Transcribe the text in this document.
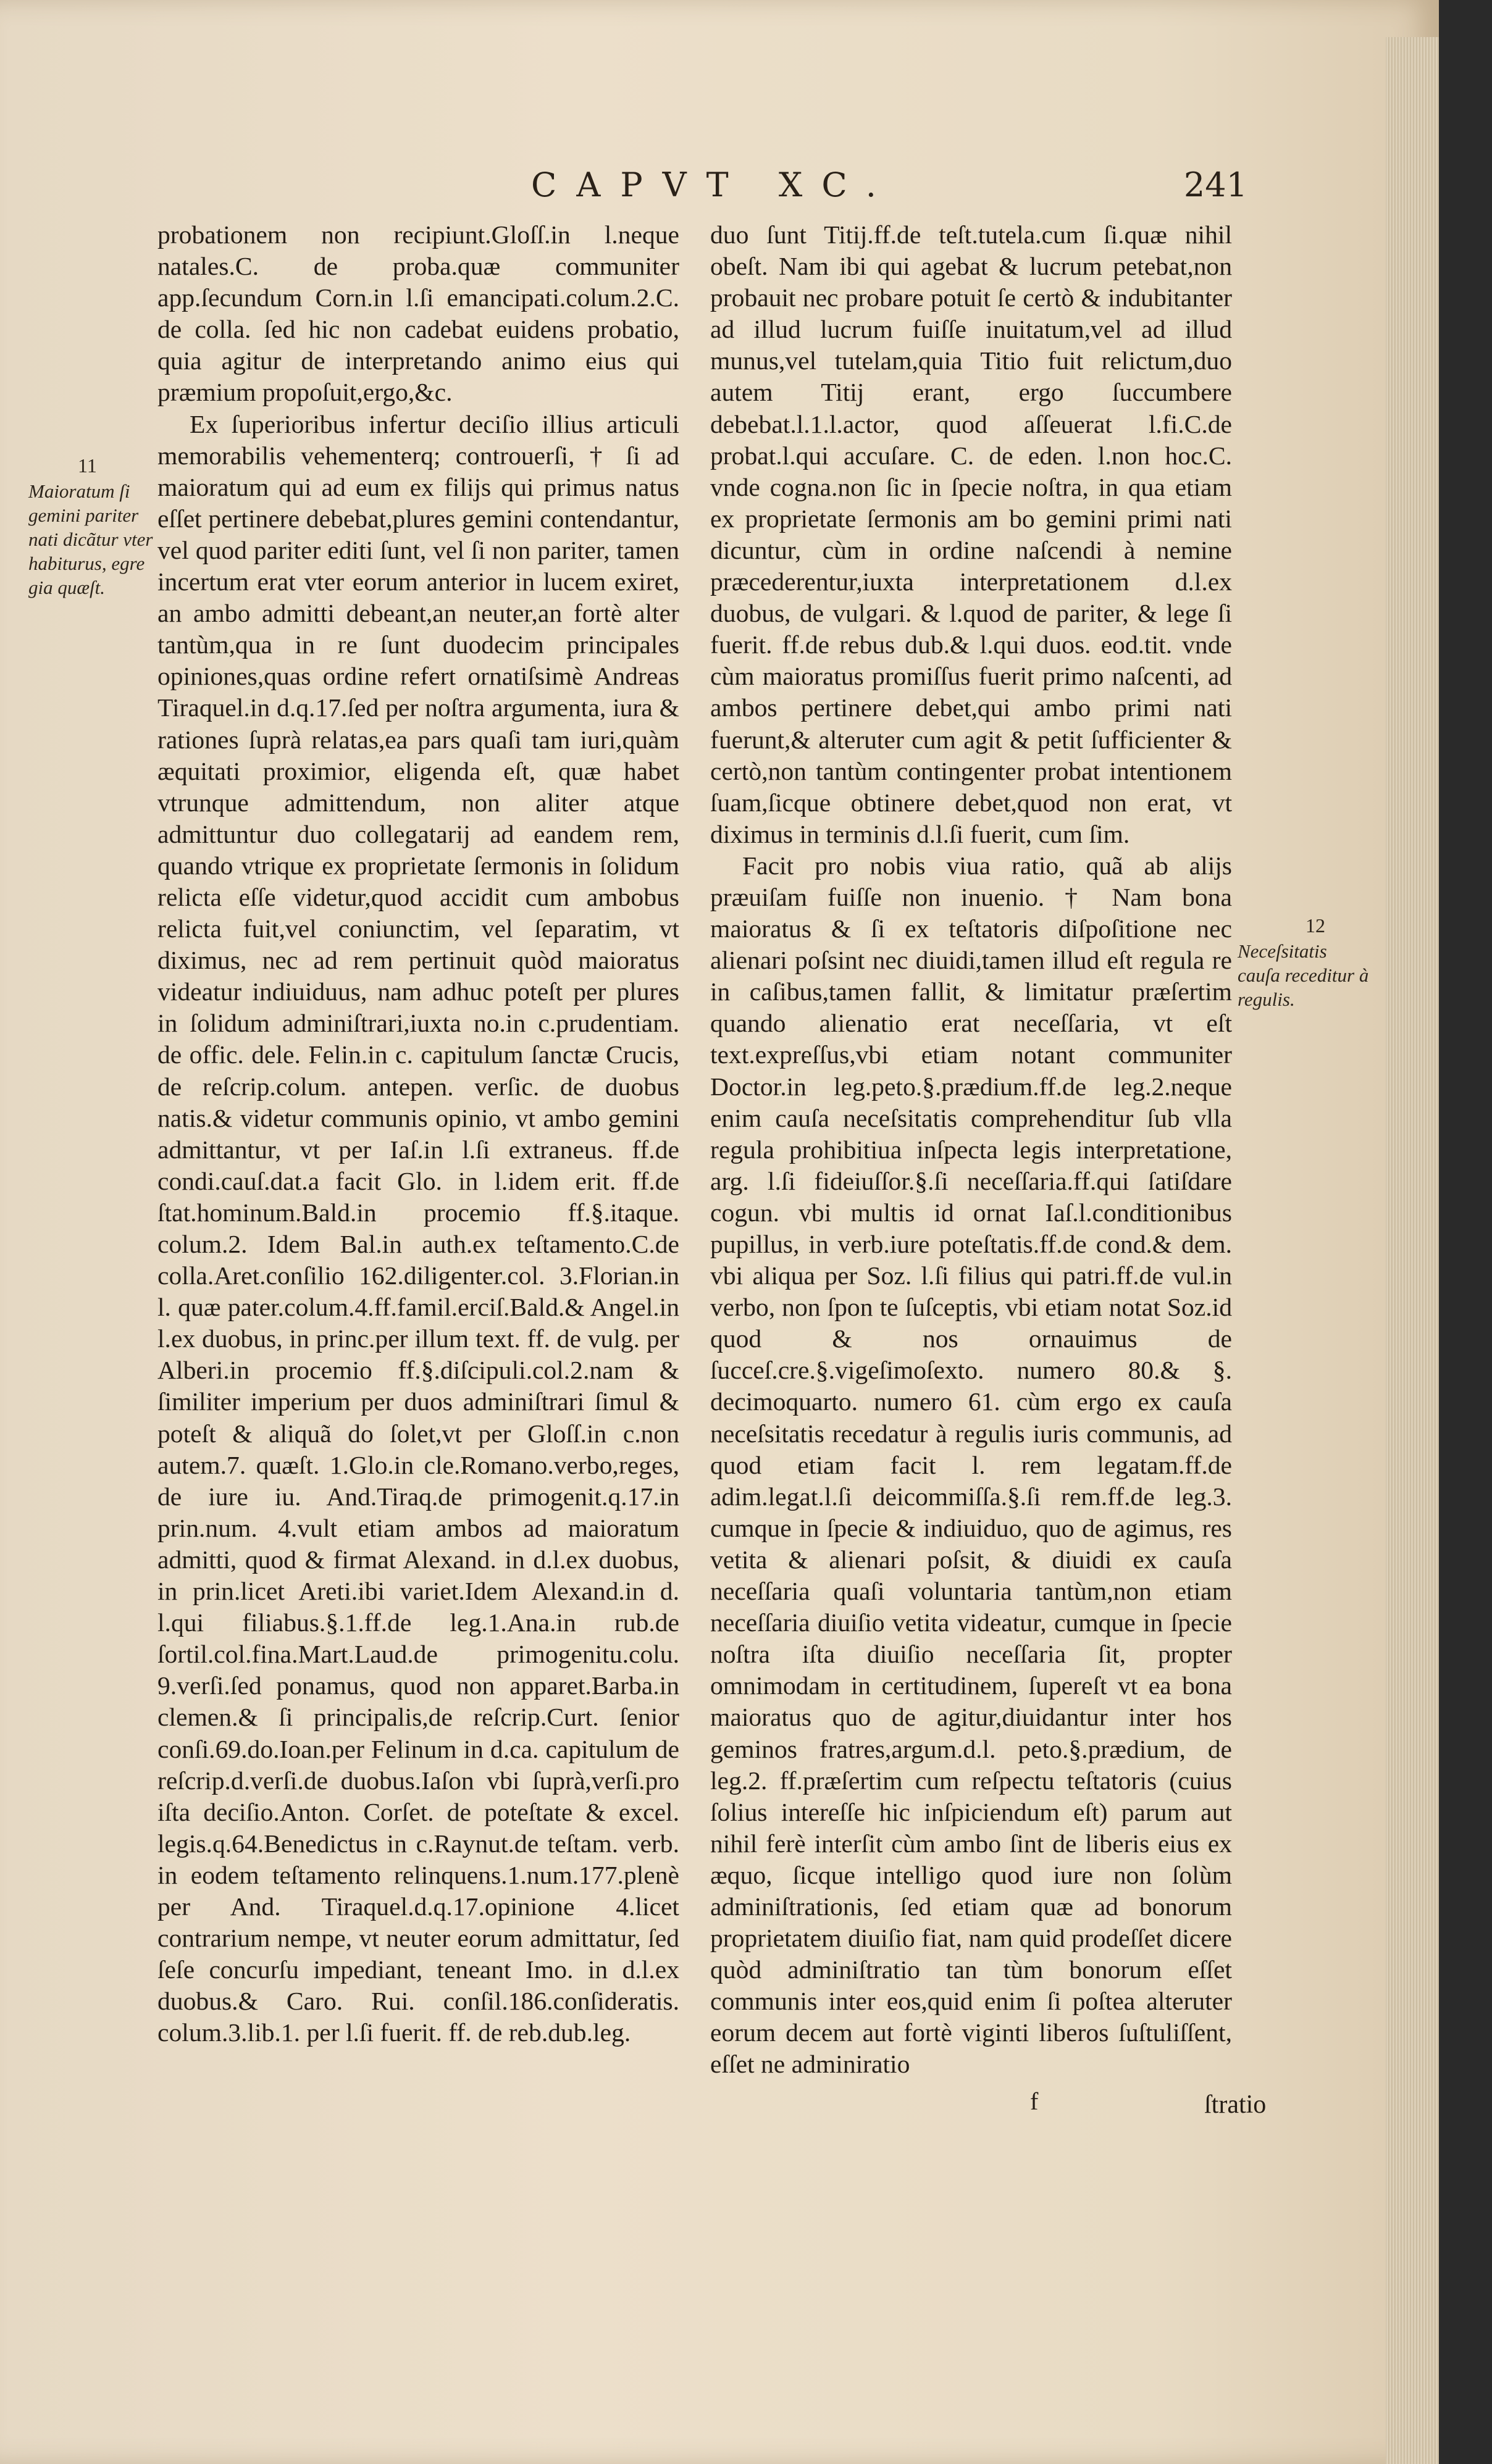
CAPVT XC.	241

probationem non recipiunt.Gloſſ.in l.neque natales.C. de proba.quæ communiter app.ſecundum Corn.in l.ſi emancipati.colum.2.C. de colla. ſed hic non cadebat euidens probatio, quia agitur de interpretando animo eius qui præmium propoſuit,ergo,&c.

Ex ſuperioribus infertur deciſio illius articuli memorabilis vehementerq; controuerſi, † ſi ad maioratum qui ad eum ex filijs qui primus natus eſſet pertinere debebat,plures gemini contendantur, vel quod pariter editi ſunt, vel ſi non pariter, tamen incertum erat vter eorum anterior in lucem exiret, an ambo admitti debeant,an neuter,an fortè alter tantùm,qua in re ſunt duodecim principales opiniones,quas ordine refert ornatiſsimè Andreas Tiraquel.in d.q.17.ſed per noſtra argumenta, iura & rationes ſuprà relatas,ea pars quaſi tam iuri,quàm æquitati proximior, eligenda eſt, quæ habet vtrunque admittendum, non aliter atque admittuntur duo collegatarij ad eandem rem, quando vtrique ex proprietate ſermonis in ſolidum relicta eſſe videtur,quod accidit cum ambobus relicta fuit,vel coniunctim, vel ſeparatim, vt diximus, nec ad rem pertinuit quòd maioratus videatur indiuiduus, nam adhuc poteſt per plures in ſolidum adminiſtrari,iuxta no.in c.prudentiam. de offic. dele. Felin.in c. capitulum ſanctæ Crucis, de reſcrip.colum. antepen. verſic. de duobus natis.& videtur communis opinio, vt ambo gemini admittantur, vt per Iaſ.in l.ſi extraneus. ff.de condi.cauſ.dat.a facit Glo. in l.idem erit. ff.de ſtat.hominum.Bald.in procemio ff.§.itaque. colum.2. Idem Bal.in auth.ex teſtamento.C.de colla.Aret.conſilio 162.diligenter.col. 3.Florian.in l. quæ pater.colum.4.ff.famil.erciſ.Bald.& Angel.in l.ex duobus, in princ.per illum text. ff. de vulg. per Alberi.in procemio ff.§.diſcipuli.col.2.nam & ſimiliter imperium per duos adminiſtrari ſimul & poteſt & aliquã do ſolet,vt per Gloſſ.in c.non autem.7. quæſt. 1.Glo.in cle.Romano.verbo,reges, de iure iu. And.Tiraq.de primogenit.q.17.in prin.num. 4.vult etiam ambos ad maioratum admitti, quod & firmat Alexand. in d.l.ex duobus, in prin.licet Areti.ibi variet.Idem Alexand.in d. l.qui filiabus.§.1.ff.de leg.1.Ana.in rub.de ſortil.col.fina.Mart.Laud.de primogenitu.colu. 9.verſi.ſed ponamus, quod non apparet.Barba.in clemen.& ſi principalis,de reſcrip.Curt. ſenior conſi.69.do.Ioan.per Felinum in d.ca. capitulum de reſcrip.d.verſi.de duobus.Iaſon vbi ſuprà,verſi.pro iſta deciſio.Anton. Corſet. de poteſtate & excel. legis.q.64.Benedictus in c.Raynut.de teſtam. verb. in eodem teſtamento relinquens.1.num.177.plenè per And. Tiraquel.d.q.17.opinione 4.licet contrarium nempe, vt neuter eorum admittatur, ſed ſeſe concurſu impediant, teneant Imo. in d.l.ex duobus.& Caro. Rui. conſil.186.conſideratis. colum.3.lib.1. per l.ſi fuerit. ff. de reb.dub.leg.

duo ſunt Titij.ff.de teſt.tutela.cum ſi.quæ nihil obeſt. Nam ibi qui agebat & lucrum petebat,non probauit nec probare potuit ſe certò & indubitanter ad illud lucrum fuiſſe inuitatum,vel ad illud munus,vel tutelam,quia Titio fuit relictum,duo autem Titij erant, ergo ſuccumbere debebat.l.1.l.actor, quod aſſeuerat l.fi.C.de probat.l.qui accuſare. C. de eden. l.non hoc.C. vnde cogna.non ſic in ſpecie noſtra, in qua etiam ex proprietate ſermonis am bo gemini primi nati dicuntur, cùm in ordine naſcendi à nemine præcederentur,iuxta interpretationem d.l.ex duobus, de vulgari. & l.quod de pariter, & lege ſi fuerit. ff.de rebus dub.& l.qui duos. eod.tit. vnde cùm maioratus promiſſus fuerit primo naſcenti, ad ambos pertinere debet,qui ambo primi nati fuerunt,& alteruter cum agit & petit ſufficienter & certò,non tantùm contingenter probat intentionem ſuam,ſicque obtinere debet,quod non erat, vt diximus in terminis d.l.ſi fuerit, cum ſim.

Facit pro nobis viua ratio, quã ab alijs præuiſam fuiſſe non inuenio. † Nam bona maioratus & ſi ex teſtatoris diſpoſitione nec alienari poſsint nec diuidi,tamen illud eſt regula re in caſibus,tamen fallit, & limitatur præſertim quando alienatio erat neceſſaria, vt eſt text.expreſſus,vbi etiam notant communiter Doctor.in leg.peto.§.prædium.ff.de leg.2.neque enim cauſa neceſsitatis comprehenditur ſub vlla regula prohibitiua inſpecta legis interpretatione, arg. l.ſi fideiuſſor.§.ſi neceſſaria.ff.qui ſatiſdare cogun. vbi multis id ornat Iaſ.l.conditionibus pupillus, in verb.iure poteſtatis.ff.de cond.& dem. vbi aliqua per Soz. l.ſi filius qui patri.ff.de vul.in verbo, non ſpon te ſuſceptis, vbi etiam notat Soz.id quod & nos ornauimus de ſucceſ.cre.§.vigeſimoſexto. numero 80.& §. decimoquarto. numero 61. cùm ergo ex cauſa neceſsitatis recedatur à regulis iuris communis, ad quod etiam facit l. rem legatam.ff.de adim.legat.l.ſi deicommiſſa.§.ſi rem.ff.de leg.3. cumque in ſpecie & indiuiduo, quo de agimus, res vetita & alienari poſsit, & diuidi ex cauſa neceſſaria quaſi voluntaria tantùm,non etiam neceſſaria diuiſio vetita videatur, cumque in ſpecie noſtra iſta diuiſio neceſſaria ſit, propter omnimodam in certitudinem, ſupereſt vt ea bona maioratus quo de agitur,diuidantur inter hos geminos fratres,argum.d.l. peto.§.prædium, de leg.2. ff.præſertim cum reſpectu teſtatoris (cuius ſolius intereſſe hic inſpiciendum eſt) parum aut nihil ferè interſit cùm ambo ſint de liberis eius ex æquo, ſicque intelligo quod iure non ſolùm adminiſtrationis, ſed etiam quæ ad bonorum proprietatem diuiſio fiat, nam quid prodeſſet dicere quòd adminiſtratio tan tùm bonorum eſſet communis inter eos,quid enim ſi poſtea alteruter eorum decem aut fortè viginti liberos ſuſtuliſſent, eſſet ne adminiratio

11
Maioratum ſi gemini pariter nati dicãtur vter habiturus, egre gia quæſt.
12
Neceſsitatis cauſa receditur à regulis.
f	ſtratio
